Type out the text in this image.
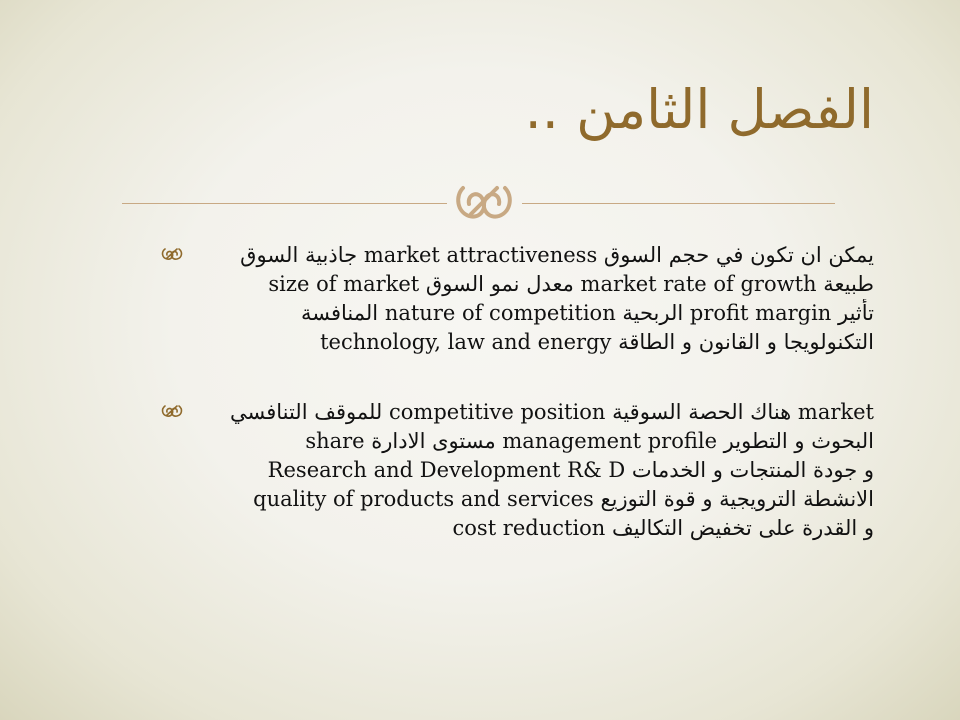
الفصل الثامن ..
يمكن ان تكون في حجم السوق market attractiveness جاذبية السوق
طبيعة market rate of growth معدل نمو السوق size of market
تأثير profit margin الربحية nature of competition المنافسة
التكنولويجا و القانون و الطاقة technology, law and energy
market هناك الحصة السوقية competitive position للموقف التنافسي
البحوث و التطوير management profile مستوى الادارة share
و جودة المنتجات و الخدمات Research and Development R& D
الانشطة الترويجية و قوة التوزيع quality of products and services
و القدرة على تخفيض التكاليف cost reduction
